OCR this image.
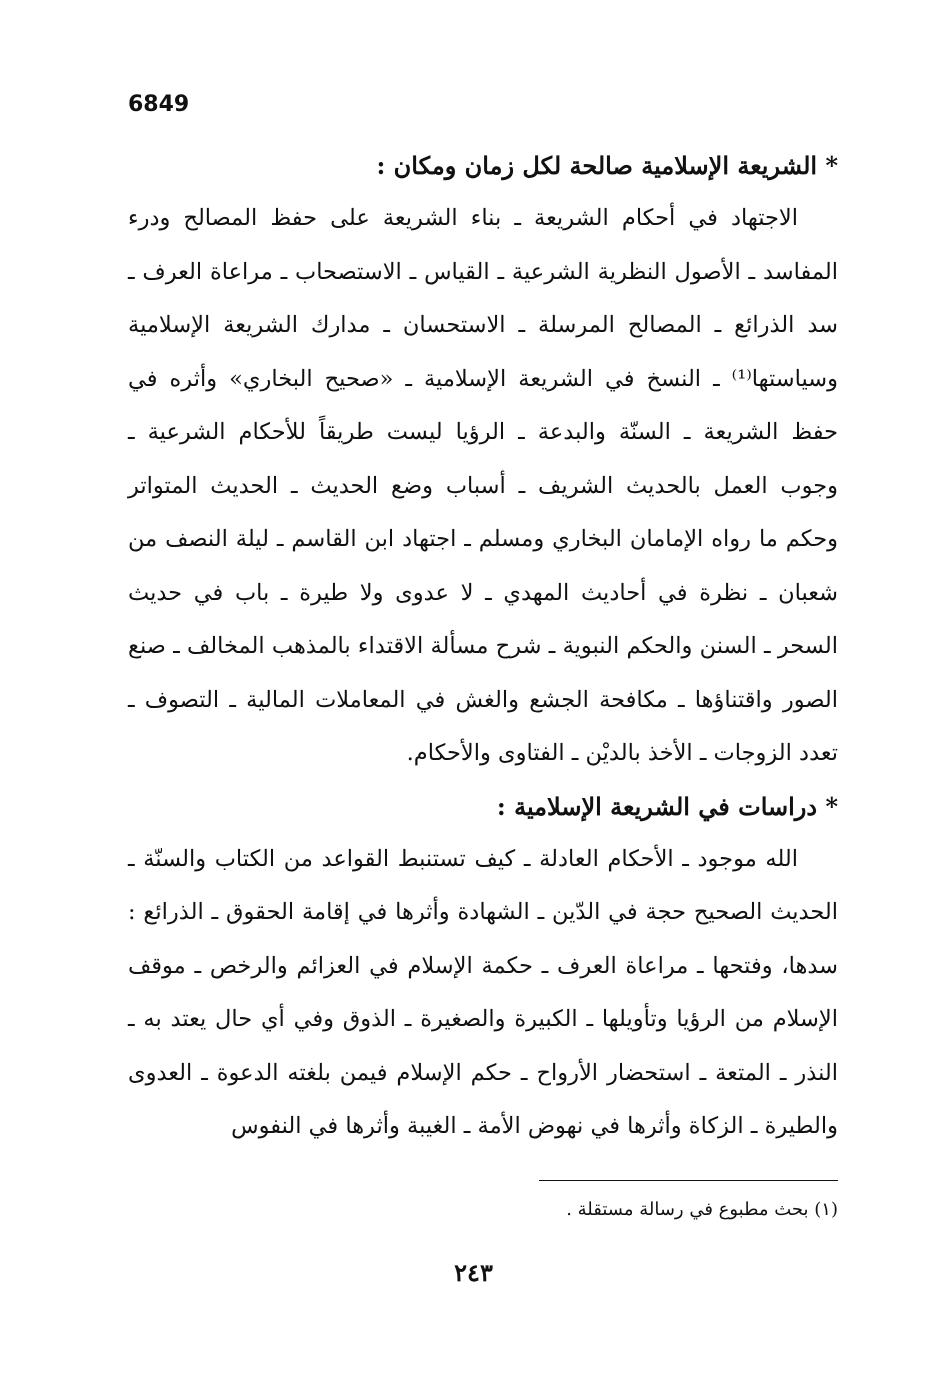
6849

* الشريعة الإسلامية صالحة لكل زمان ومكان :

الاجتهاد في أحكام الشريعة ـ بناء الشريعة على حفظ المصالح ودرء المفاسد ـ الأصول النظرية الشرعية ـ القياس ـ الاستصحاب ـ مراعاة العرف ـ سد الذرائع ـ المصالح المرسلة ـ الاستحسان ـ مدارك الشريعة الإسلامية وسياستها⁽¹⁾ ـ النسخ في الشريعة الإسلامية ـ «صحيح البخاري» وأثره في حفظ الشريعة ـ السنّة والبدعة ـ الرؤيا ليست طريقاً للأحكام الشرعية ـ وجوب العمل بالحديث الشريف ـ أسباب وضع الحديث ـ الحديث المتواتر وحكم ما رواه الإمامان البخاري ومسلم ـ اجتهاد ابن القاسم ـ ليلة النصف من شعبان ـ نظرة في أحاديث المهدي ـ لا عدوى ولا طيرة ـ باب في حديث السحر ـ السنن والحكم النبوية ـ شرح مسألة الاقتداء بالمذهب المخالف ـ صنع الصور واقتناؤها ـ مكافحة الجشع والغش في المعاملات المالية ـ التصوف ـ تعدد الزوجات ـ الأخذ بالديْن ـ الفتاوى والأحكام.

* دراسات في الشريعة الإسلامية :

الله موجود ـ الأحكام العادلة ـ كيف تستنبط القواعد من الكتاب والسنّة ـ الحديث الصحيح حجة في الدّين ـ الشهادة وأثرها في إقامة الحقوق ـ الذرائع : سدها، وفتحها ـ مراعاة العرف ـ حكمة الإسلام في العزائم والرخص ـ موقف الإسلام من الرؤيا وتأويلها ـ الكبيرة والصغيرة ـ الذوق وفي أي حال يعتد به ـ النذر ـ المتعة ـ استحضار الأرواح ـ حكم الإسلام فيمن بلغته الدعوة ـ العدوى والطيرة ـ الزكاة وأثرها في نهوض الأمة ـ الغيبة وأثرها في النفوس

(١) بحث مطبوع في رسالة مستقلة .
٢٤٣
